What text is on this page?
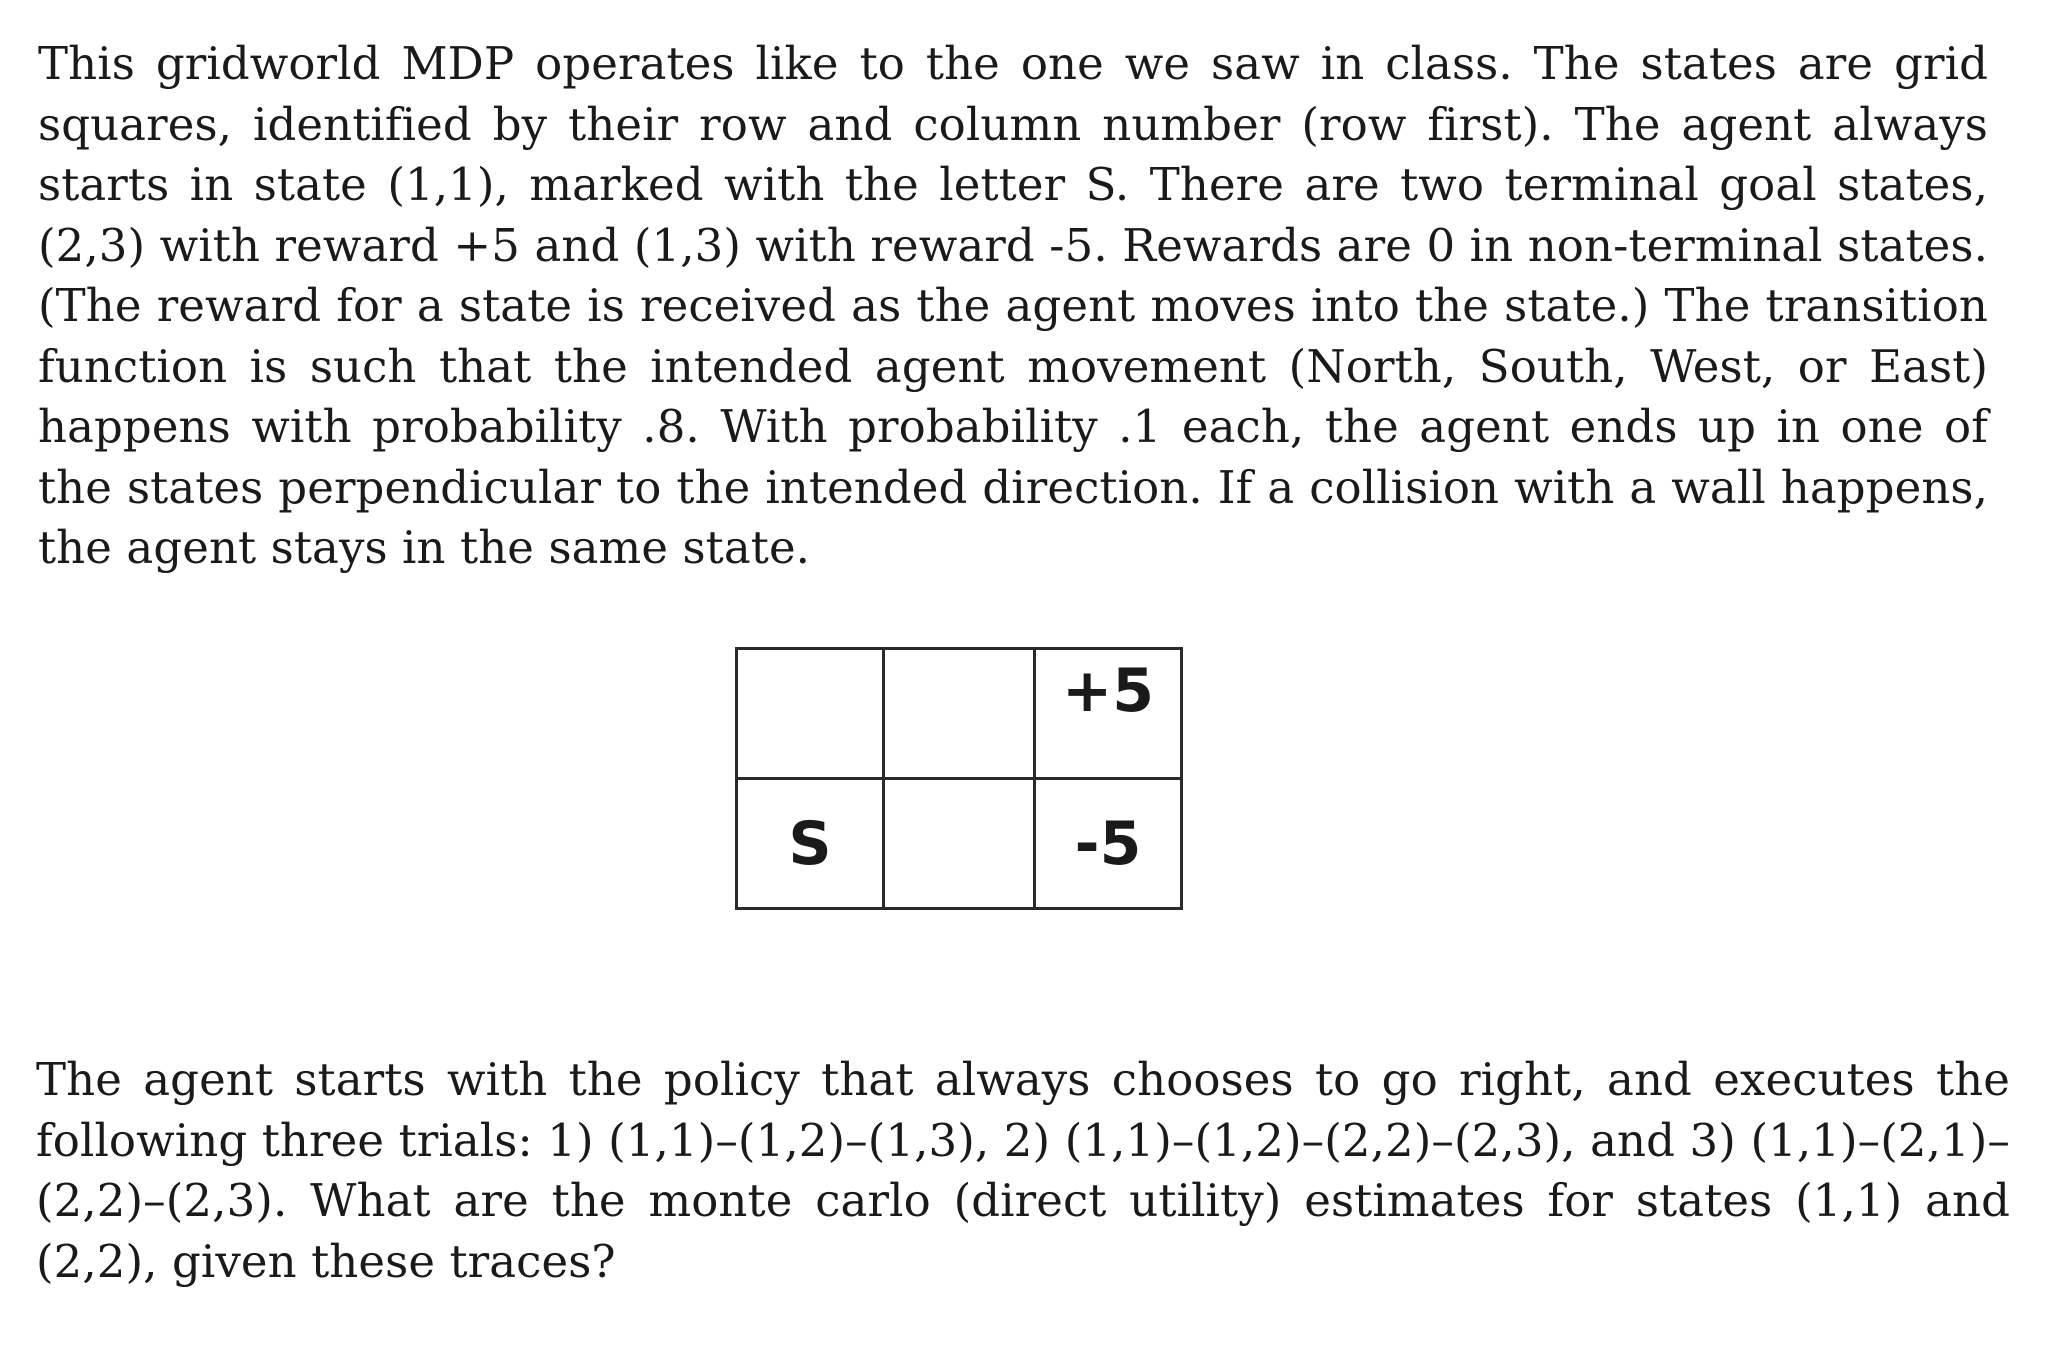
This gridworld MDP operates like to the one we saw in class. The states are grid squares, identified by their row and column number (row first). The agent always starts in state (1,1), marked with the letter S. There are two terminal goal states, (2,3) with reward +5 and (1,3) with reward -5. Rewards are 0 in non-terminal states. (The reward for a state is received as the agent moves into the state.) The transition function is such that the intended agent movement (North, South, West, or East) happens with probability .8. With probability .1 each, the agent ends up in one of the states perpendicular to the intended direction. If a collision with a wall happens, the agent stays in the same state.

		+5
S		-5

The agent starts with the policy that always chooses to go right, and executes the following three trials: 1) (1,1)–(1,2)–(1,3), 2) (1,1)–(1,2)–(2,2)–(2,3), and 3) (1,1)–(2,1)–(2,2)–(2,3). What are the monte carlo (direct utility) estimates for states (1,1) and (2,2), given these traces?
